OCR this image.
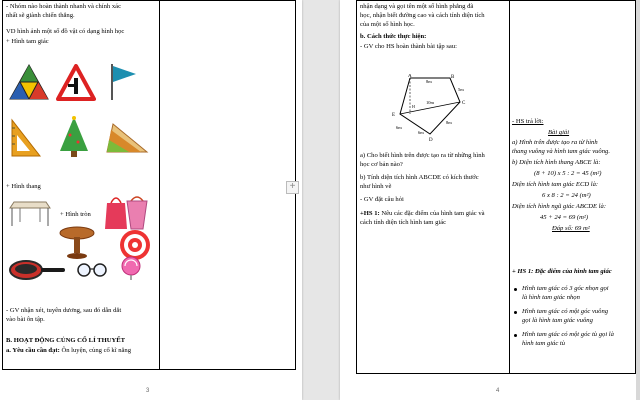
- Nhóm nào hoàn thành nhanh và chính xác
nhất sẽ giành chiến thắng.
VD hình ảnh một số đồ vật có dạng hình học
+ Hình tam giác
+ Hình thang
+ Hình tròn
- GV nhận xét, tuyên dương, sau đó dẫn dắt
vào bài ôn tập.
B. HOẠT ĐỘNG CỦNG CỐ LÍ THUYẾT
a. Yêu cầu cần đạt: Ôn luyện, củng cố kĩ năng
3
+
nhận dạng và gọi tên một số hình phẳng đã
học, nhận biết đường cao và cách tính diện tích
của một số hình học.
b. Cách thức thực hiện:
- GV cho HS hoàn thành bài tập sau:
A	B
C
D
E
H
8m
5m
10m
6m
6m
8m
a) Cho biết hình trên được tạo ra từ những hình
học cơ bản nào?
b) Tính diện tích hình ABCDE có kích thước
như hình vẽ
- GV đặt câu hỏi
+HS 1: Nêu các đặc điểm của hình tam giác và
cách tính diện tích hình tam giác
- HS trả lời:
Bài giải
a) Hình trên được tạo ra từ hình
thang vuông và hình tam giác vuông.
b) Diện tích hình thang ABCE là:
(8 + 10) x 5 : 2 = 45 (m²)
Diện tích hình tam giác ECD là:
6 x 8 : 2 = 24 (m²)
Diện tích hình ngũ giác ABCDE là:
45 + 24 = 69 (m²)
Đáp số: 69 m²
+ HS 1: Đặc điểm của hình tam giác
Hình tam giác có 3 góc nhọn gọi
là hình tam giác nhọn
Hình tam giác có một góc vuông
gọi là hình tam giác vuông
Hình tam giác có một góc tù gọi là
hình tam giác tù
4
